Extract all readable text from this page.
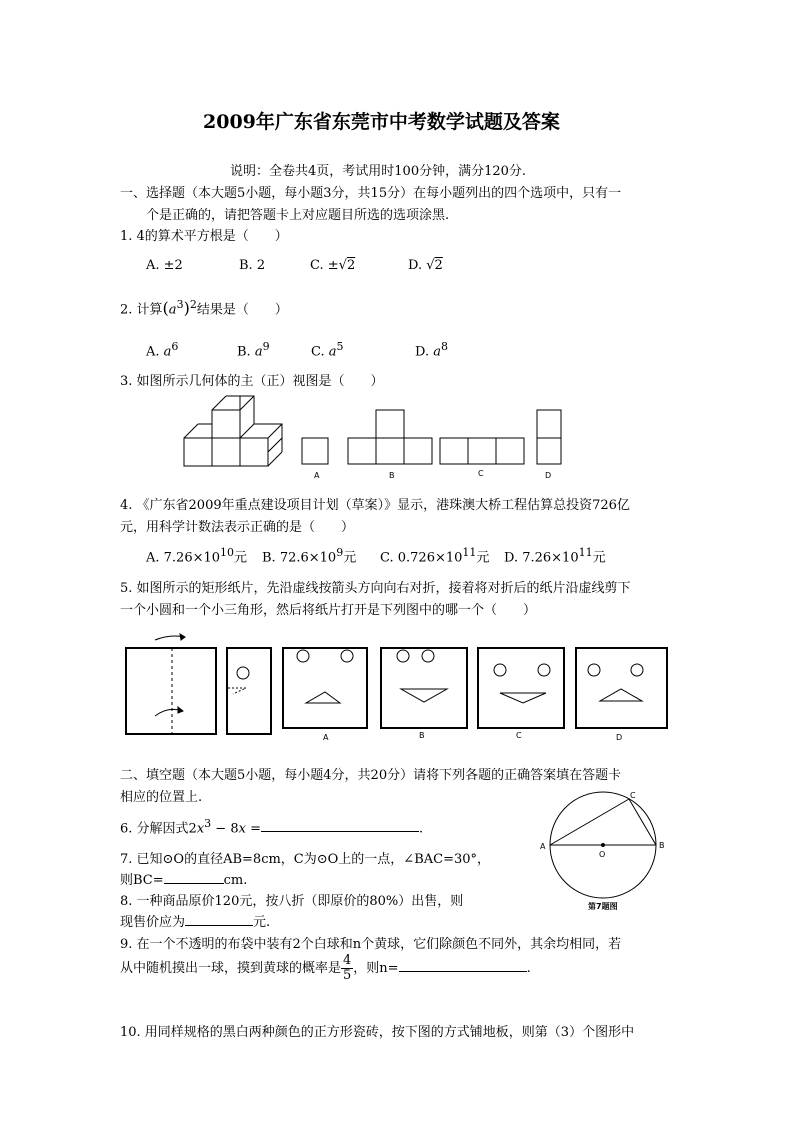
2009年广东省东莞市中考数学试题及答案
说明：全卷共4页，考试用时100分钟，满分120分.
一、选择题（本大题5小题，每小题3分，共15分）在每小题列出的四个选项中，只有一
个是正确的，请把答题卡上对应题目所选的选项涂黑.
1. 4的算术平方根是（　　）
A. ±2	B. 2	C. ±√2	D. √2
2. 计算$(a^3)^2$结果是（　　）
A. $a^6$	B. $a^9$	C. $a^5$	D. $a^8$
3. 如图所示几何体的主（正）视图是（　　）
A	B	C	D
4. 《广东省2009年重点建设项目计划（草案）》显示，港珠澳大桥工程估算总投资726亿
元，用科学计数法表示正确的是（　　）
A. $7.26\times 10^{10}$元 B. $72.6\times 10^9$元 C. $0.726\times 10^{11}$元 D. $7.26\times 10^{11}$元
5. 如图所示的矩形纸片，先沿虚线按箭头方向向右对折，接着将对折后的纸片沿虚线剪下
一个小圆和一个小三角形，然后将纸片打开是下列图中的哪一个（　　）
A	B	C	D
二、填空题（本大题5小题，每小题4分，共20分）请将下列各题的正确答案填在答题卡
相应的位置上.
6. 分解因式$2x^3 - 8x$ =	.
7. 已知⊙O的直径AB=8cm，C为⊙O上的一点，∠BAC=30°，
则BC=	cm.
8. 一种商品原价120元，按八折（即原价的80%）出售，则
现售价应为	元.
9. 在一个不透明的布袋中装有2个白球和n个黄球，它们除颜色不同外，其余均相同，若
从中随机摸出一球，摸到黄球的概率是 $\frac{4}{5}$ ，则n=	.
10. 用同样规格的黑白两种颜色的正方形瓷砖，按下图的方式铺地板，则第（3）个图形中
A	B
C
O
第7题图
